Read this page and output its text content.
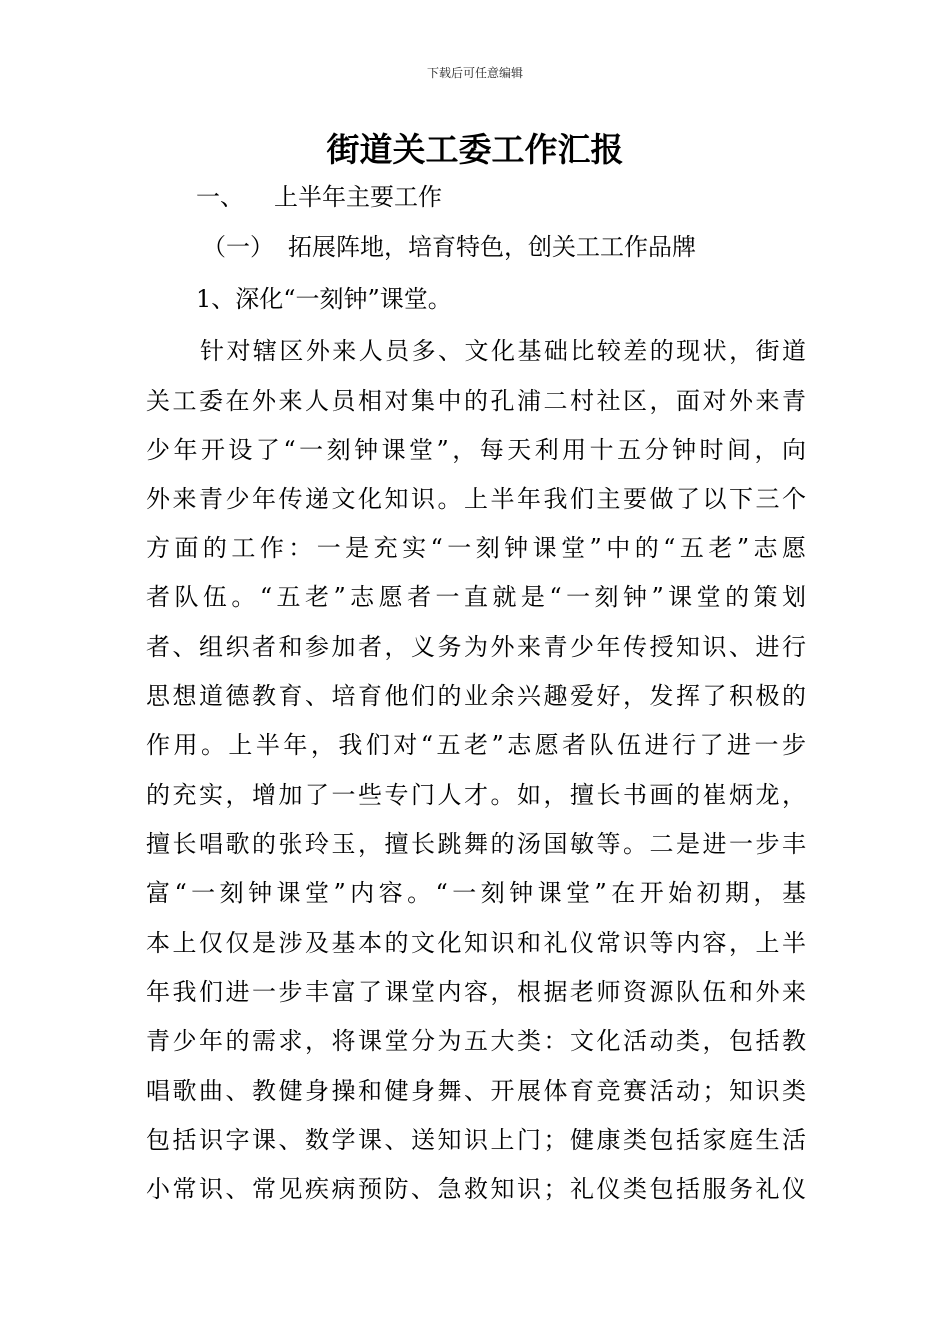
下载后可任意编辑
街道关工委工作汇报
一、 上半年主要工作
（一） 拓展阵地，培育特色，创关工工作品牌
1、深化“一刻钟”课堂。
针对辖区外来人员多、文化基础比较差的现状，街道
关工委在外来人员相对集中的孔浦二村社区，面对外来青
少年开设了“一刻钟课堂”，每天利用十五分钟时间，向
外来青少年传递文化知识。上半年我们主要做了以下三个
方面的工作：一是充实“一刻钟课堂”中的“五老”志愿
者队伍。“五老”志愿者一直就是“一刻钟”课堂的策划
者、组织者和参加者，义务为外来青少年传授知识、进行
思想道德教育、培育他们的业余兴趣爱好，发挥了积极的
作用。上半年，我们对“五老”志愿者队伍进行了进一步
的充实，增加了一些专门人才。如，擅长书画的崔炳龙，
擅长唱歌的张玲玉，擅长跳舞的汤国敏等。二是进一步丰
富“一刻钟课堂”内容。“一刻钟课堂”在开始初期，基
本上仅仅是涉及基本的文化知识和礼仪常识等内容，上半
年我们进一步丰富了课堂内容，根据老师资源队伍和外来
青少年的需求，将课堂分为五大类：文化活动类，包括教
唱歌曲、教健身操和健身舞、开展体育竞赛活动；知识类
包括识字课、数学课、送知识上门；健康类包括家庭生活
小常识、常见疾病预防、急救知识；礼仪类包括服务礼仪
